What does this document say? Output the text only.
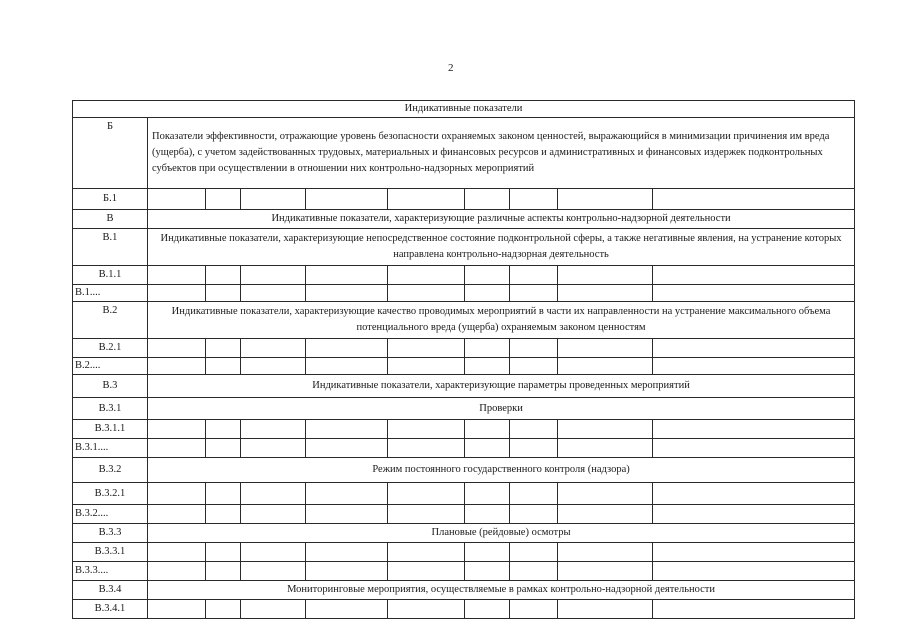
2
Индикативные показатели									
Б	Показатели эффективности, отражающие уровень безопасности охраняемых законом ценностей, выражающийся в минимизации причинения им вреда (ущерба), с учетом задействованных трудовых, материальных и финансовых ресурсов и административных и финансовых издержек подконтрольных субъектов при осуществлении в отношении них контрольно-надзорных мероприятий								
Б.1									
В	Индикативные показатели, характеризующие различные аспекты контрольно-надзорной деятельности								
В.1	Индикативные показатели, характеризующие непосредственное состояние подконтрольной сферы, а также негативные явления, на устранение которых направлена контрольно-надзорная деятельность								
В.1.1									
В.1....									
В.2	Индикативные показатели, характеризующие качество проводимых мероприятий в части их направленности на устранение максимального объема потенциального вреда (ущерба) охраняемым законом ценностям								
В.2.1									
В.2....									
В.3	Индикативные показатели, характеризующие параметры проведенных мероприятий								
В.3.1	Проверки								
В.3.1.1									
В.3.1....									
В.3.2	Режим постоянного государственного контроля (надзора)								
В.3.2.1									
В.3.2....									
В.3.3	Плановые (рейдовые) осмотры								
В.3.3.1									
В.3.3....									
В.3.4	Мониторинговые мероприятия, осуществляемые в рамках контрольно-надзорной деятельности								
В.3.4.1									
